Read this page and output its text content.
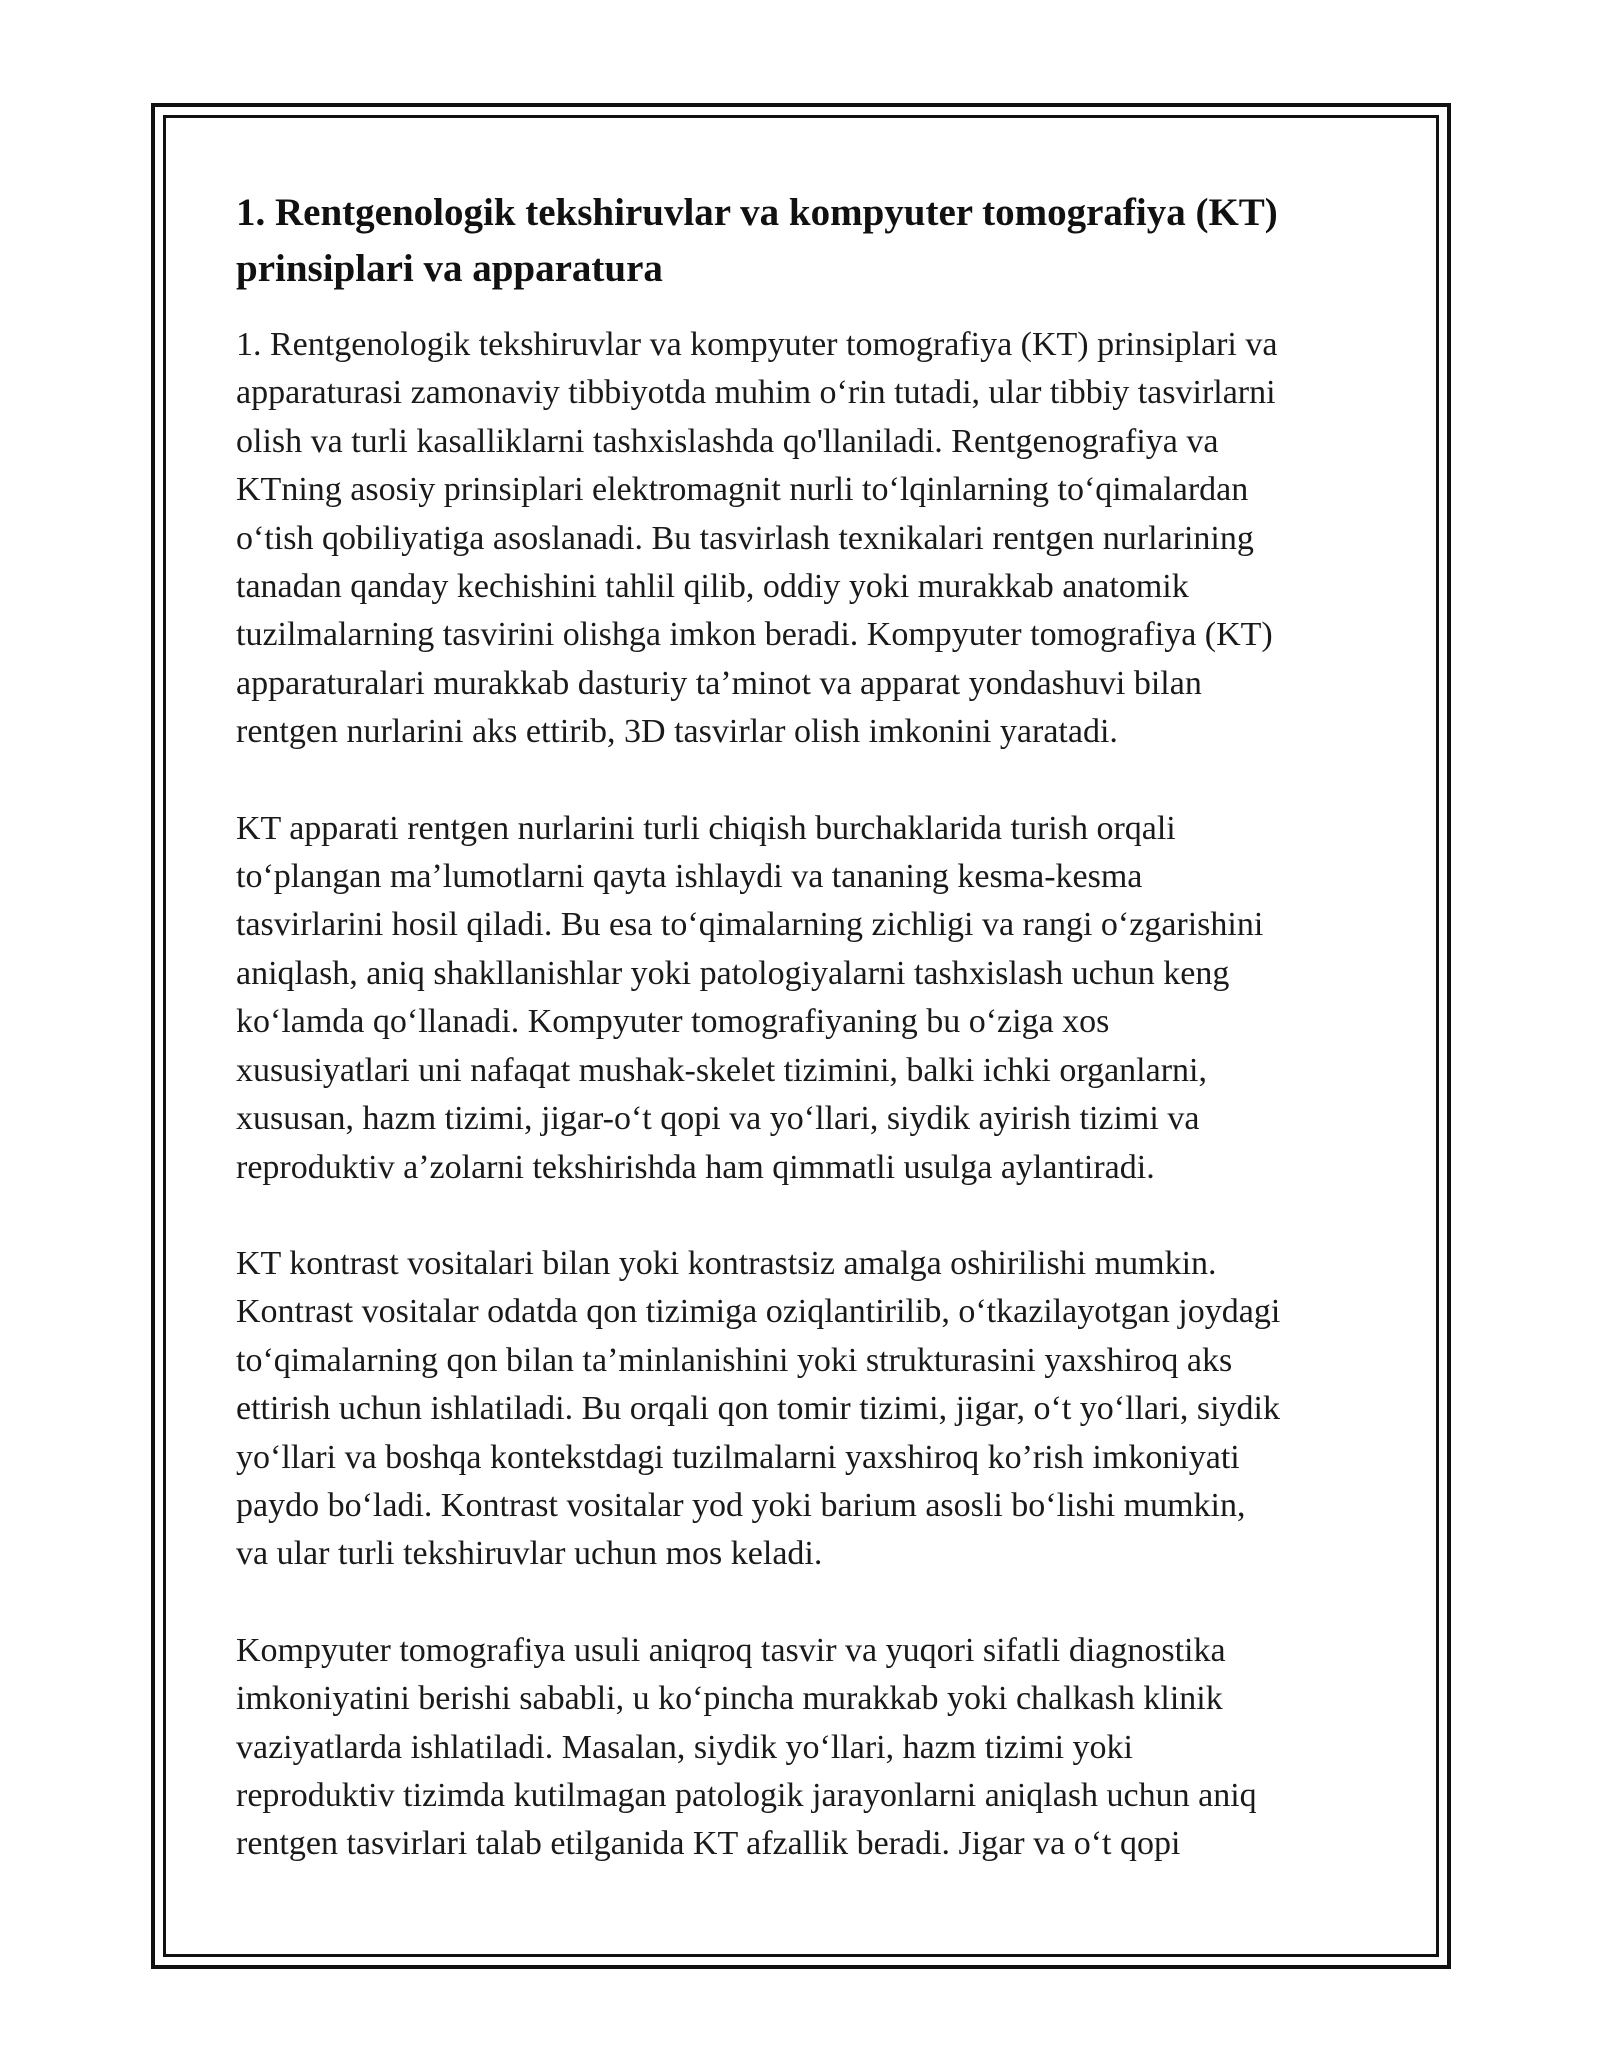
1. Rentgenologik tekshiruvlar va kompyuter tomografiya (KT)
prinsiplari va apparatura

1. Rentgenologik tekshiruvlar va kompyuter tomografiya (KT) prinsiplari va
apparaturasi zamonaviy tibbiyotda muhim oʻrin tutadi, ular tibbiy tasvirlarni
olish va turli kasalliklarni tashxislashda qo'llaniladi. Rentgenografiya va
KTning asosiy prinsiplari elektromagnit nurli toʻlqinlarning toʻqimalardan
oʻtish qobiliyatiga asoslanadi. Bu tasvirlash texnikalari rentgen nurlarining
tanadan qanday kechishini tahlil qilib, oddiy yoki murakkab anatomik
tuzilmalarning tasvirini olishga imkon beradi. Kompyuter tomografiya (KT)
apparaturalari murakkab dasturiy taʼminot va apparat yondashuvi bilan
rentgen nurlarini aks ettirib, 3D tasvirlar olish imkonini yaratadi.

KT apparati rentgen nurlarini turli chiqish burchaklarida turish orqali
toʻplangan maʼlumotlarni qayta ishlaydi va tananing kesma-kesma
tasvirlarini hosil qiladi. Bu esa toʻqimalarning zichligi va rangi oʻzgarishini
aniqlash, aniq shakllanishlar yoki patologiyalarni tashxislash uchun keng
koʻlamda qoʻllanadi. Kompyuter tomografiyaning bu oʻziga xos
xususiyatlari uni nafaqat mushak-skelet tizimini, balki ichki organlarni,
xususan, hazm tizimi, jigar-oʻt qopi va yoʻllari, siydik ayirish tizimi va
reproduktiv aʼzolarni tekshirishda ham qimmatli usulga aylantiradi.

KT kontrast vositalari bilan yoki kontrastsiz amalga oshirilishi mumkin.
Kontrast vositalar odatda qon tizimiga oziqlantirilib, oʻtkazilayotgan joydagi
toʻqimalarning qon bilan taʼminlanishini yoki strukturasini yaxshiroq aks
ettirish uchun ishlatiladi. Bu orqali qon tomir tizimi, jigar, oʻt yoʻllari, siydik
yoʻllari va boshqa kontekstdagi tuzilmalarni yaxshiroq ko’rish imkoniyati
paydo boʻladi. Kontrast vositalar yod yoki barium asosli boʻlishi mumkin,
va ular turli tekshiruvlar uchun mos keladi.

Kompyuter tomografiya usuli aniqroq tasvir va yuqori sifatli diagnostika
imkoniyatini berishi sababli, u koʻpincha murakkab yoki chalkash klinik
vaziyatlarda ishlatiladi. Masalan, siydik yoʻllari, hazm tizimi yoki
reproduktiv tizimda kutilmagan patologik jarayonlarni aniqlash uchun aniq
rentgen tasvirlari talab etilganida KT afzallik beradi. Jigar va oʻt qopi
